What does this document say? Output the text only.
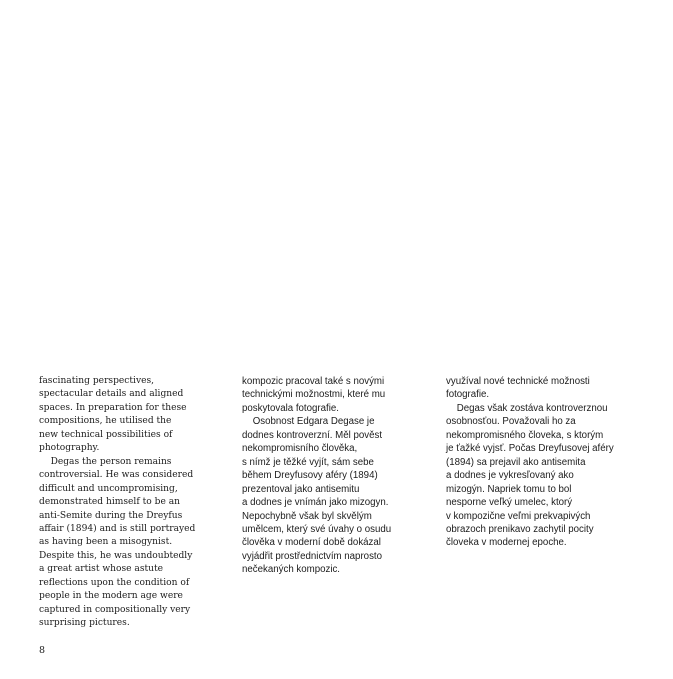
fascinating perspectives,
spectacular details and aligned
spaces. In preparation for these
compositions, he utilised the
new technical possibilities of
photography.
Degas the person remains
controversial. He was considered
difficult and uncompromising,
demonstrated himself to be an
anti-Semite during the Dreyfus
affair (1894) and is still portrayed
as having been a misogynist.
Despite this, he was undoubtedly
a great artist whose astute
reflections upon the condition of
people in the modern age were
captured in compositionally very
surprising pictures.
kompozic pracoval také s novými
technickými možnostmi, které mu
poskytovala fotografie.
Osobnost Edgara Degase je
dodnes kontroverzní. Měl pověst
nekompromisního člověka,
s nímž je těžké vyjít, sám sebe
během Dreyfusovy aféry (1894)
prezentoval jako antisemitu
a dodnes je vnímán jako mizogyn.
Nepochybně však byl skvělým
umělcem, který své úvahy o osudu
člověka v moderní době dokázal
vyjádřit prostřednictvím naprosto
nečekaných kompozic.
využíval nové technické možnosti
fotografie.
Degas však zostáva kontroverznou
osobnosťou. Považovali ho za
nekompromisného človeka, s ktorým
je ťažké vyjsť. Počas Dreyfusovej aféry
(1894) sa prejavil ako antisemita
a dodnes je vykresľovaný ako
mizogýn. Napriek tomu to bol
nesporne veľký umelec, ktorý
v kompozične veľmi prekvapivých
obrazoch prenikavo zachytil pocity
človeka v modernej epoche.
8
